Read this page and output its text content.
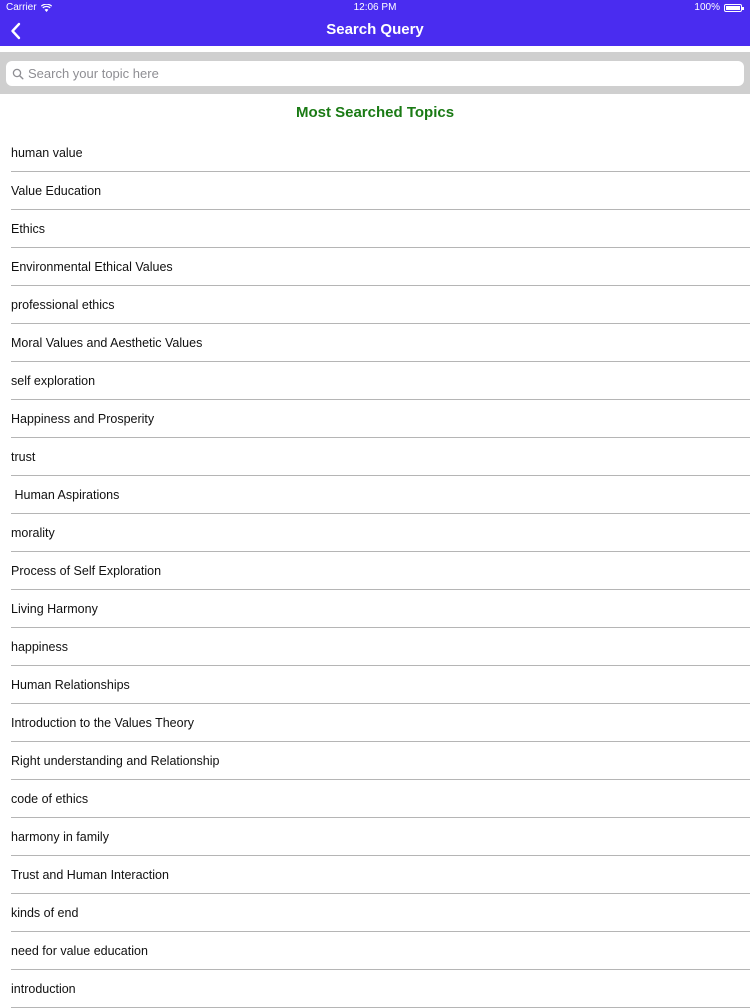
Carrier	12:06 PM	100%
Search Query
Search your topic here
Most Searched Topics
human value
Value Education
Ethics
Environmental Ethical Values
professional ethics
Moral Values and Aesthetic Values
self exploration
Happiness and Prosperity
trust
Human Aspirations
morality
Process of Self Exploration
Living Harmony
happiness
Human Relationships
Introduction to the Values Theory
Right understanding and Relationship
code of ethics
harmony in family
Trust and Human Interaction
kinds of end
need for value education
introduction
